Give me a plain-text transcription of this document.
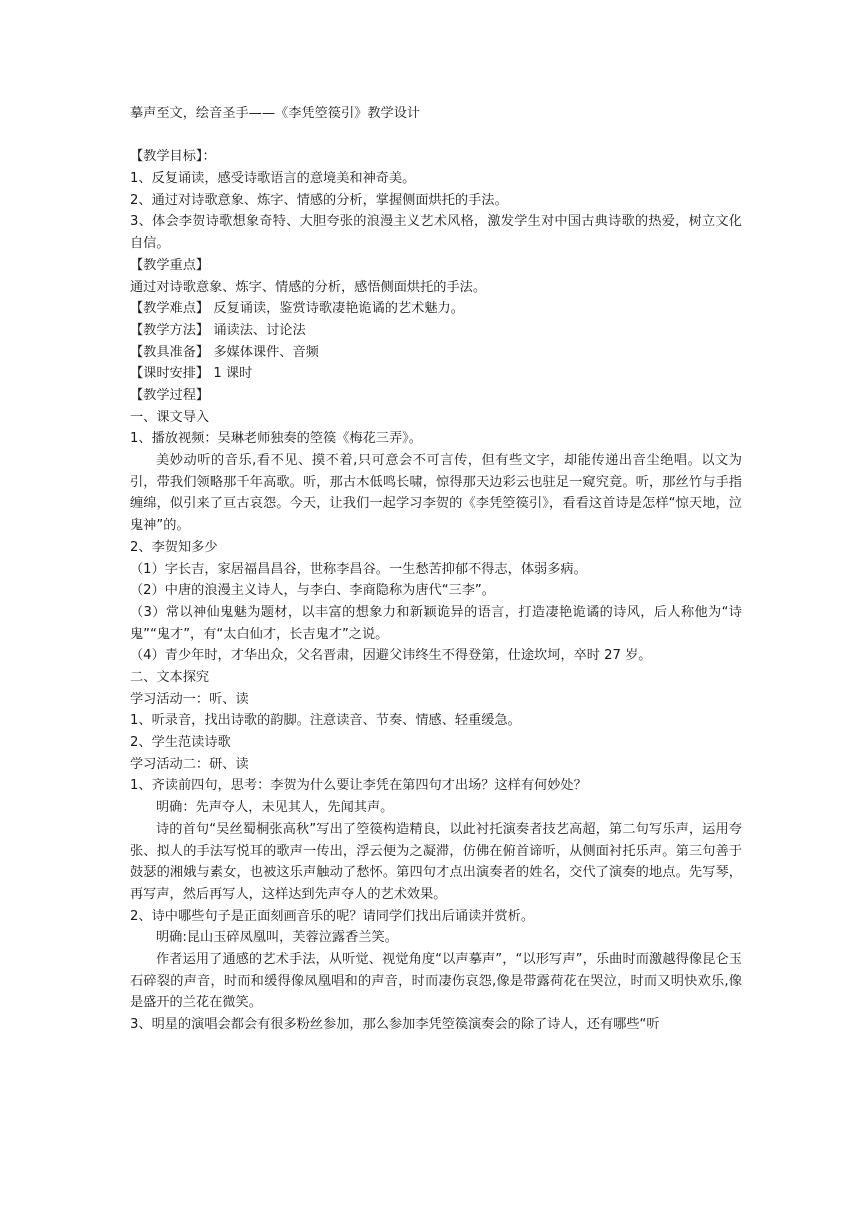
摹声至文，绘音圣手——《李凭箜篌引》教学设计
【教学目标】：
1、反复诵读，感受诗歌语言的意境美和神奇美。
2、通过对诗歌意象、炼字、情感的分析，掌握侧面烘托的手法。
3、体会李贺诗歌想象奇特、大胆夸张的浪漫主义艺术风格，激发学生对中国古典诗歌的热爱，树立文化自信。
【教学重点】
通过对诗歌意象、炼字、情感的分析，感悟侧面烘托的手法。
【教学难点】 反复诵读，鉴赏诗歌凄艳诡谲的艺术魅力。
【教学方法】 诵读法、讨论法
【教具准备】 多媒体课件、音频
【课时安排】 1 课时
【教学过程】
一、课文导入
1、播放视频：吴琳老师独奏的箜篌《梅花三弄》。
美妙动听的音乐,看不见、摸不着,只可意会不可言传，但有些文字，却能传递出音尘绝唱。以文为引，带我们领略那千年高歌。听，那古木低鸣长啸，惊得那天边彩云也驻足一窥究竟。听，那丝竹与手指缠绵，似引来了亘古哀怨。今天，让我们一起学习李贺的《李凭箜篌引》，看看这首诗是怎样“惊天地，泣鬼神”的。
2、李贺知多少
（1）字长吉，家居福昌昌谷，世称李昌谷。一生愁苦抑郁不得志，体弱多病。
（2）中唐的浪漫主义诗人，与李白、李商隐称为唐代“三李”。
（3）常以神仙鬼魅为题材，以丰富的想象力和新颖诡异的语言，打造凄艳诡谲的诗风，后人称他为“诗鬼”“鬼才”，有“太白仙才，长吉鬼才”之说。
（4）青少年时，才华出众，父名晋肃，因避父讳终生不得登第，仕途坎坷，卒时 27 岁。
二、文本探究
学习活动一：听、读
1、听录音，找出诗歌的韵脚。注意读音、节奏、情感、轻重缓急。
2、学生范读诗歌
学习活动二：研、读
1、齐读前四句，思考：李贺为什么要让李凭在第四句才出场？这样有何妙处？
明确：先声夺人，未见其人，先闻其声。
诗的首句“吴丝蜀桐张高秋”写出了箜篌构造精良，以此衬托演奏者技艺高超，第二句写乐声，运用夸张、拟人的手法写悦耳的歌声一传出，浮云便为之凝滞，仿佛在俯首谛听，从侧面衬托乐声。第三句善于鼓瑟的湘娥与素女，也被这乐声触动了愁怀。第四句才点出演奏者的姓名，交代了演奏的地点。先写琴，再写声，然后再写人，这样达到先声夺人的艺术效果。
2、诗中哪些句子是正面刻画音乐的呢？请同学们找出后诵读并赏析。
明确:昆山玉碎凤凰叫，芙蓉泣露香兰笑。
作者运用了通感的艺术手法，从听觉、视觉角度“以声摹声”，“以形写声”，乐曲时而激越得像昆仑玉石碎裂的声音，时而和缓得像凤凰唱和的声音，时而凄伤哀怨,像是带露荷花在哭泣，时而又明快欢乐,像是盛开的兰花在微笑。
3、明星的演唱会都会有很多粉丝参加，那么参加李凭箜篌演奏会的除了诗人，还有哪些“听
